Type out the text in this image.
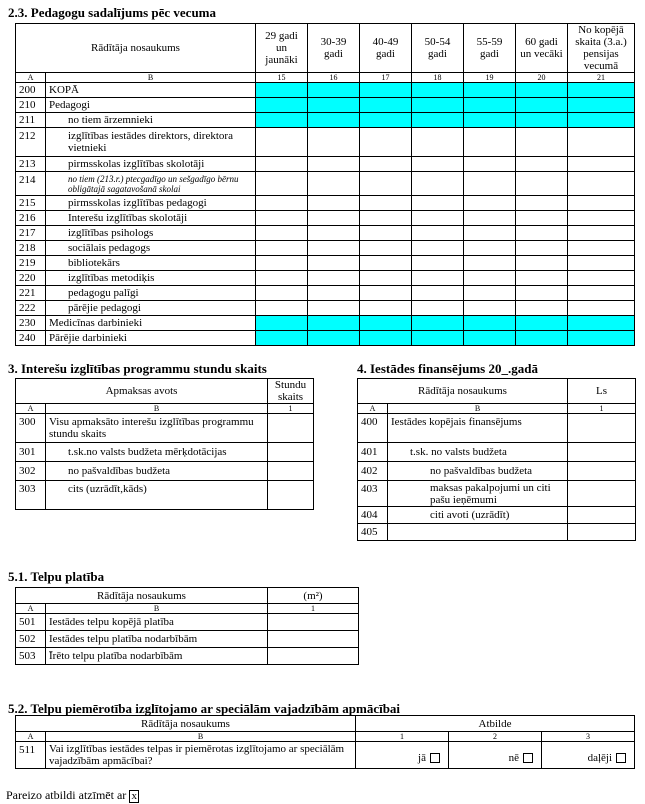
2.3. Pedagogu sadalījums pēc vecuma
Rādītāja nosaukums		29 gadi un jaunāki	30-39 gadi	40-49 gadi	50-54 gadi	55-59 gadi	60 gadi un vecāki	No kopējā skaita (3.a.) pensijas vecumā
A	B	15	16	17	18	19	20	21
200	KOPĀ							
210	Pedagogi							
211	no tiem ārzemnieki							
212	izglītības iestādes direktors, direktora vietnieki							
213	pirmsskolas izglītības skolotāji							
214	no tiem (213.r.) ptecgadīgo un sešgadīgo bērnu obligātajā sagatavošanā skolai							
215	pirmsskolas izglītības pedagogi							
216	Interešu izglītības skolotāji							
217	izglītības psihologs							
218	sociālais pedagogs							
219	bibliotekārs							
220	izglītības metodiķis							
221	pedagogu palīgi							
222	pārējie pedagogi							
230	Medicīnas darbinieki							
240	Pārējie darbinieki							
3. Interešu izglītības programmu stundu skaits
Apmaksas avots		Stundu skaits
A	B	1
300	Visu apmaksāto interešu izglītības programmu stundu skaits	
301	t.sk.no valsts budžeta mērķdotācijas	
302	no pašvaldības budžeta	
303	cits (uzrādīt,kāds)	
4. Iestādes finansējums 20_.gadā
Rādītāja nosaukums		Ls
A	B	1
400	Iestādes kopējais finansējums	
401	t.sk. no valsts budžeta	
402	no pašvaldības budžeta	
403	maksas pakalpojumi un citi pašu ieņēmumi	
404	citi avoti (uzrādīt)	
405		
5.1. Telpu platība
Rādītāja nosaukums		(m²)
A	B	1
501	Iestādes telpu kopējā platība	
502	Iestādes telpu platība nodarbībām	
503	Īrēto telpu platība nodarbībām	
5.2. Telpu piemērotība izglītojamo ar speciālām vajadzībām apmācībai
Rādītāja nosaukums		Atbilde		
A	B	1	2	3
511	Vai izglītības iestādes telpas ir piemērotas izglītojamo ar speciālām vajadzībām apmācībai?	jā	nē	daļēji
Pareizo atbildi atzīmēt ar x
